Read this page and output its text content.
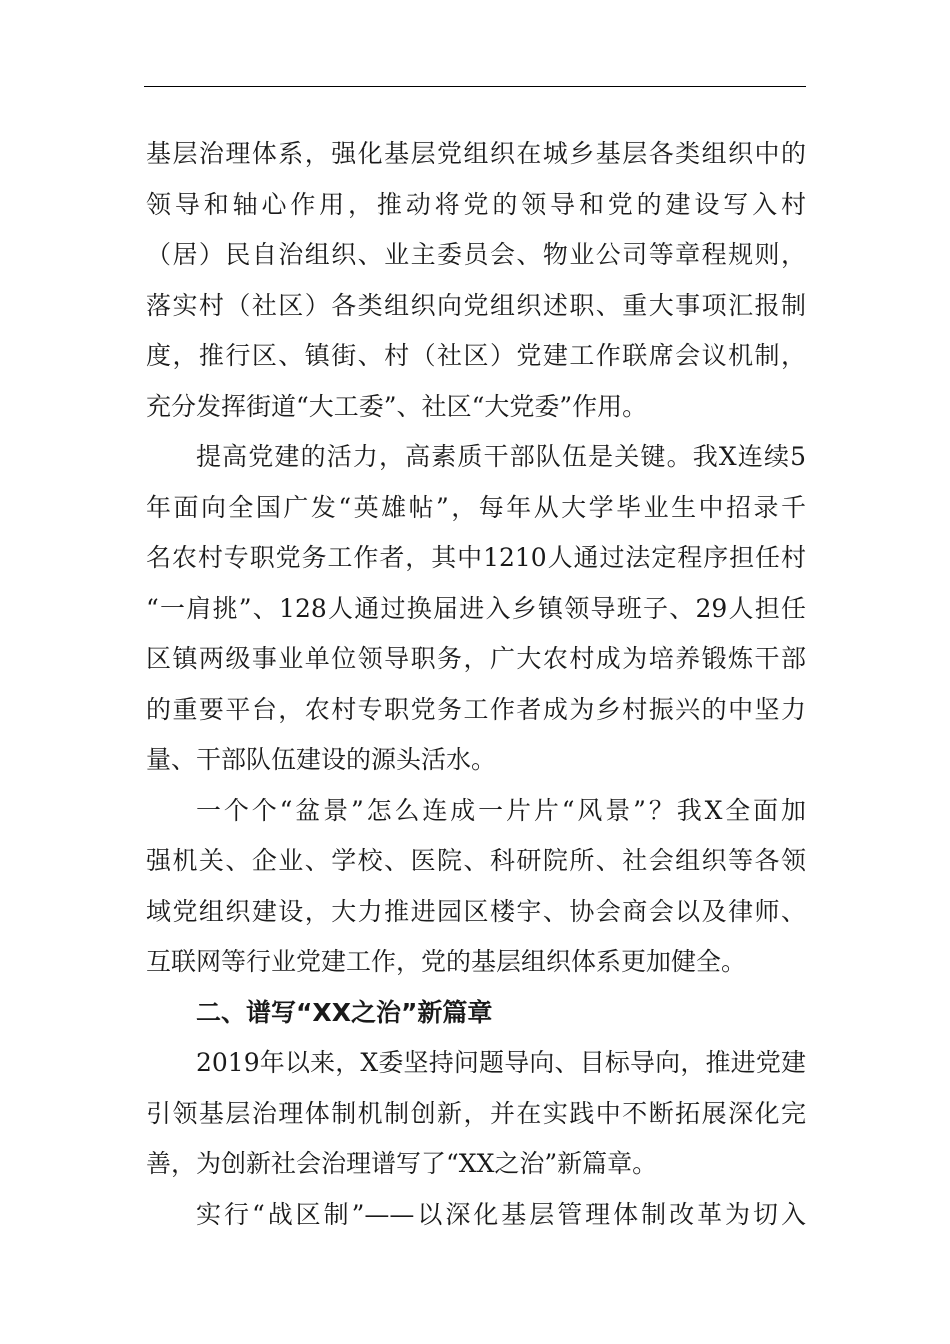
基层治理体系，强化基层党组织在城乡基层各类组织中的
领导和轴心作用，推动将党的领导和党的建设写入村
（居）民自治组织、业主委员会、物业公司等章程规则，
落实村（社区）各类组织向党组织述职、重大事项汇报制
度，推行区、镇街、村（社区）党建工作联席会议机制，
充分发挥街道“大工委”、社区“大党委”作用。
提高党建的活力，高素质干部队伍是关键。我X连续5
年面向全国广发“英雄帖”，每年从大学毕业生中招录千
名农村专职党务工作者，其中1210人通过法定程序担任村
“一肩挑”、128人通过换届进入乡镇领导班子、29人担任
区镇两级事业单位领导职务，广大农村成为培养锻炼干部
的重要平台，农村专职党务工作者成为乡村振兴的中坚力
量、干部队伍建设的源头活水。
一个个“盆景”怎么连成一片片“风景”？我X全面加
强机关、企业、学校、医院、科研院所、社会组织等各领
域党组织建设，大力推进园区楼宇、协会商会以及律师、
互联网等行业党建工作，党的基层组织体系更加健全。
二、谱写“XX之治”新篇章
2019年以来，X委坚持问题导向、目标导向，推进党建
引领基层治理体制机制创新，并在实践中不断拓展深化完
善，为创新社会治理谱写了“XX之治”新篇章。
实行“战区制”——以深化基层管理体制改革为切入
